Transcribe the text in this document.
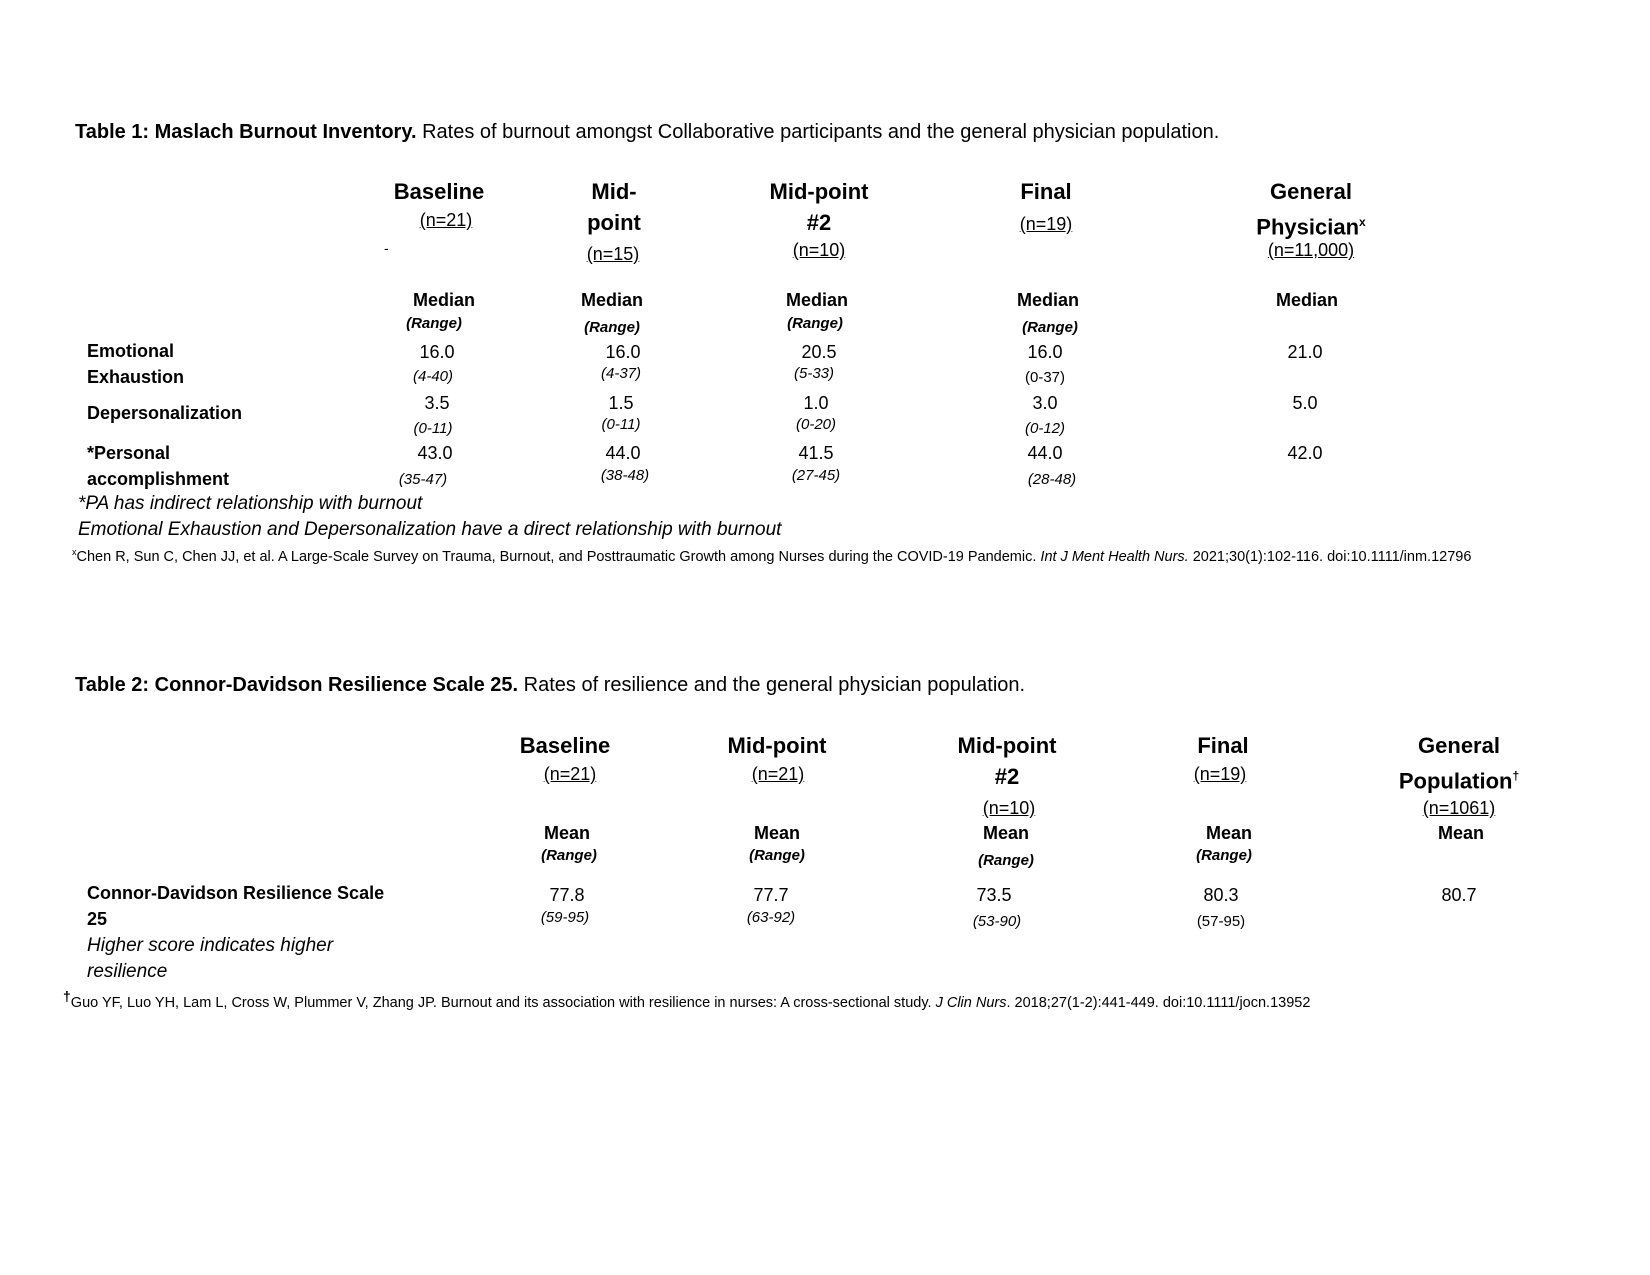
Table 1: Maslach Burnout Inventory. Rates of burnout amongst Collaborative participants and the general physician population.
Baseline
(n=21)
-
Mid-
point
(n=15)
Mid-point
#2
(n=10)
Final
(n=19)
General
Physician$^x$
(n=11,000)
Median
(Range)
Median
(Range)
Median
(Range)
Median
(Range)
Median
Emotional
Exhaustion
Depersonalization
*Personal
accomplishment
16.0
(4-40)
16.0
(4-37)
20.5
(5-33)
16.0
(0-37)
21.0
3.5
(0-11)
1.5
(0-11)
1.0
(0-20)
3.0
(0-12)
5.0
43.0
(35-47)
44.0
(38-48)
41.5
(27-45)
44.0
(28-48)
42.0
*PA has indirect relationship with burnout
Emotional Exhaustion and Depersonalization have a direct relationship with burnout
$^x$Chen R, Sun C, Chen JJ, et al. A Large-Scale Survey on Trauma, Burnout, and Posttraumatic Growth among Nurses during the COVID-19 Pandemic. Int J Ment Health Nurs. 2021;30(1):102-116. doi:10.1111/inm.12796
Table 2: Connor-Davidson Resilience Scale 25. Rates of resilience and the general physician population.
Baseline
(n=21)
Mid-point
(n=21)
Mid-point
#2
(n=10)
Final
(n=19)
General
Population†
(n=1061)
Mean
(Range)
Mean
(Range)
Mean
(Range)
Mean
(Range)
Mean
Connor-Davidson Resilience Scale
25
Higher score indicates higher
resilience
77.8
(59-95)
77.7
(63-92)
73.5
(53-90)
80.3
(57-95)
80.7
†Guo YF, Luo YH, Lam L, Cross W, Plummer V, Zhang JP. Burnout and its association with resilience in nurses: A cross-sectional study. J Clin Nurs. 2018;27(1-2):441-449. doi:10.1111/jocn.13952
